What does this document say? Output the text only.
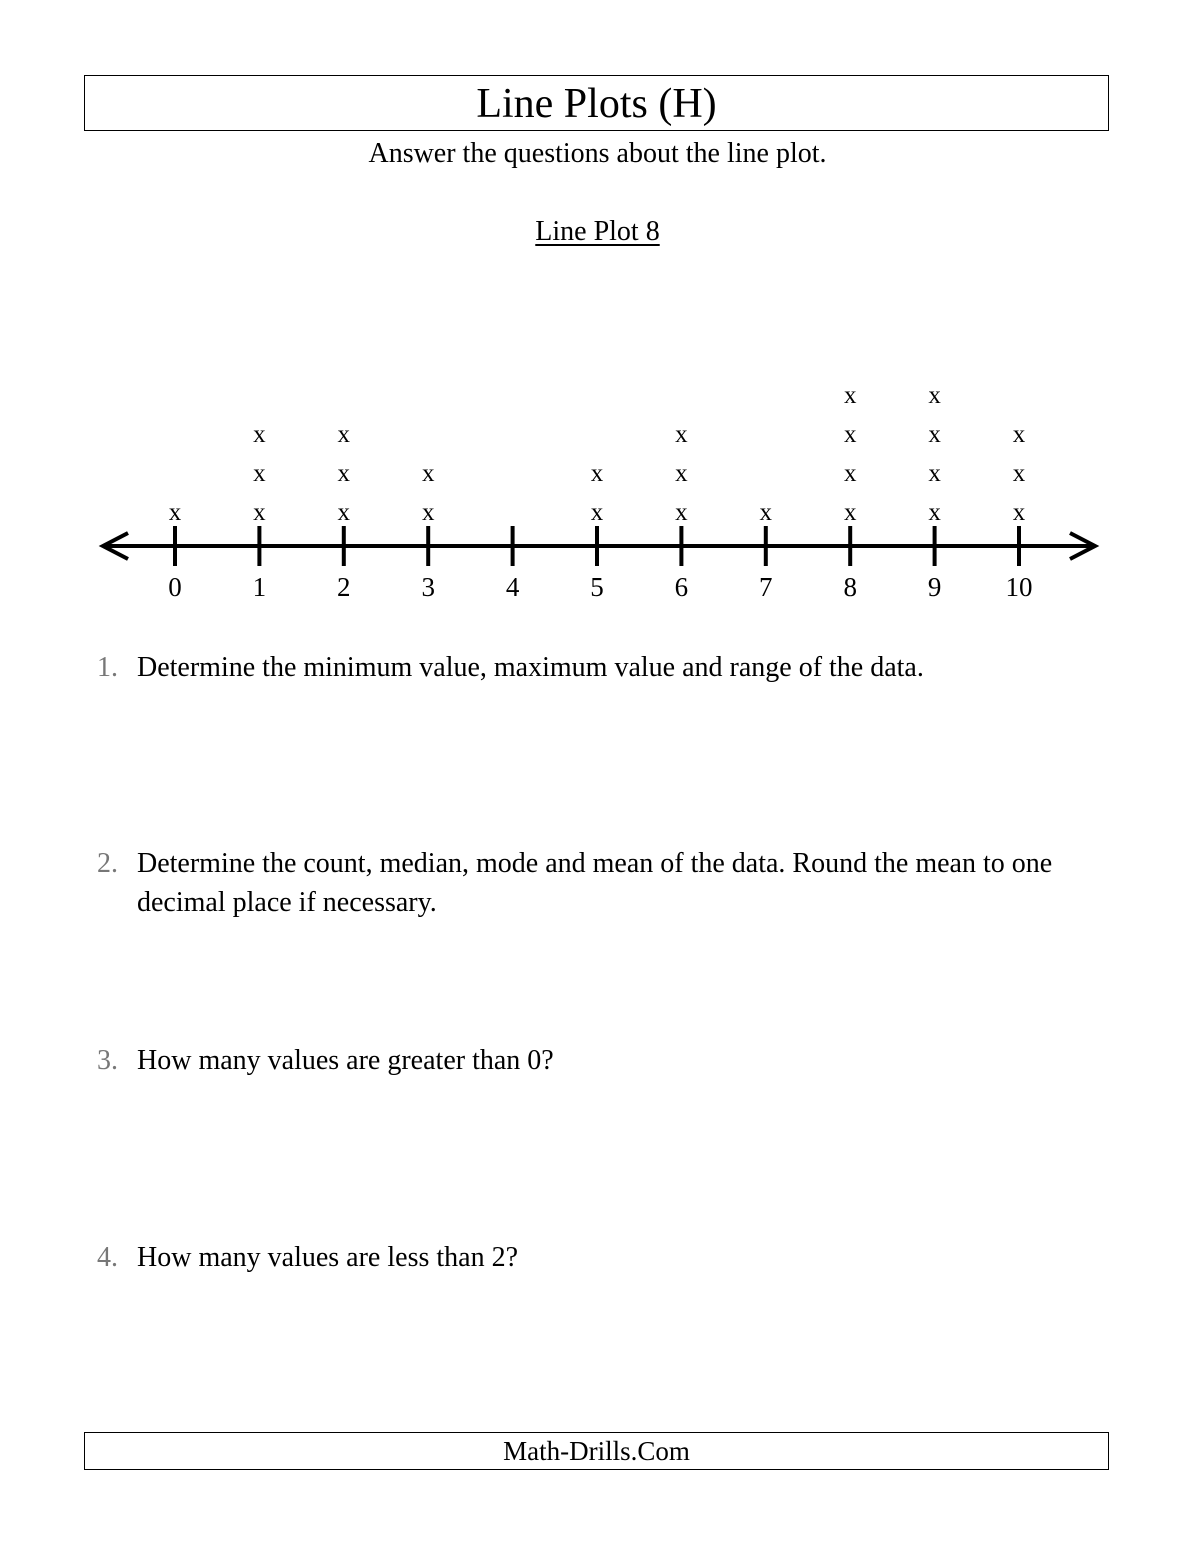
Line Plots (H)
Answer the questions about the line plot.
Line Plot 8
0
x
1
x
x
x
2
x
x
x
3
x
x
4	5
x
x
6
x
x
x
7
x
8
x
x
x
x
9
x
x
x
x
10
x
x
x
1. Determine the minimum value, maximum value and range of the data.
2. Determine the count, median, mode and mean of the data. Round the mean to one decimal place if necessary.
3. How many values are greater than 0?
4. How many values are less than 2?
Math-Drills.Com
